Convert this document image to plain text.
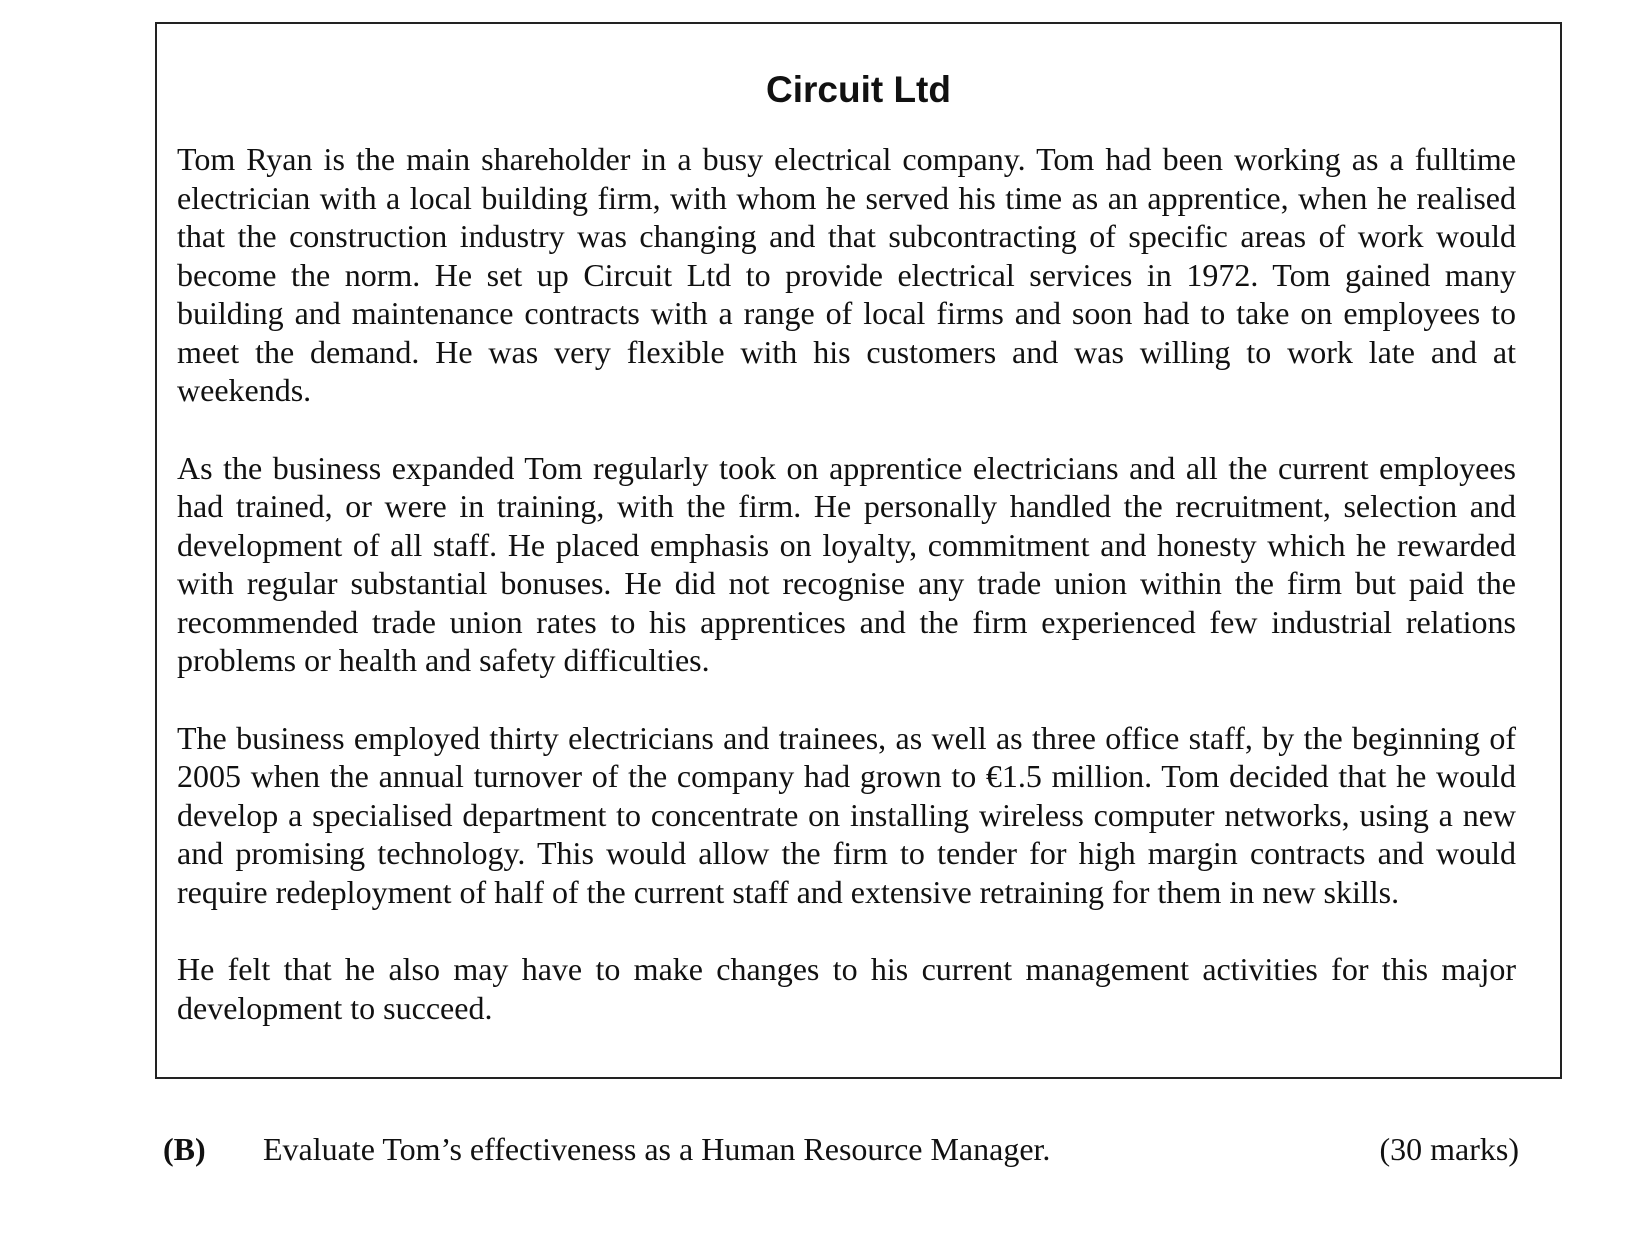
Circuit Ltd

Tom Ryan is the main shareholder in a busy electrical company. Tom had been working as a fulltime electrician with a local building firm, with whom he served his time as an apprentice, when he realised that the construction industry was changing and that subcontracting of specific areas of work would become the norm. He set up Circuit Ltd to provide electrical services in 1972. Tom gained many building and maintenance contracts with a range of local firms and soon had to take on employees to meet the demand. He was very flexible with his customers and was willing to work late and at weekends.

As the business expanded Tom regularly took on apprentice electricians and all the current employees had trained, or were in training, with the firm. He personally handled the recruitment, selection and development of all staff. He placed emphasis on loyalty, commitment and honesty which he rewarded with regular substantial bonuses. He did not recognise any trade union within the firm but paid the recommended trade union rates to his apprentices and the firm experienced few industrial relations problems or health and safety difficulties.

The business employed thirty electricians and trainees, as well as three office staff, by the beginning of 2005 when the annual turnover of the company had grown to €1.5 million. Tom decided that he would develop a specialised department to concentrate on installing wireless computer networks, using a new and promising technology. This would allow the firm to tender for high margin contracts and would require redeployment of half of the current staff and extensive retraining for them in new skills.

He felt that he also may have to make changes to his current management activities for this major development to succeed.

(B) Evaluate Tom’s effectiveness as a Human Resource Manager.	(30 marks)
